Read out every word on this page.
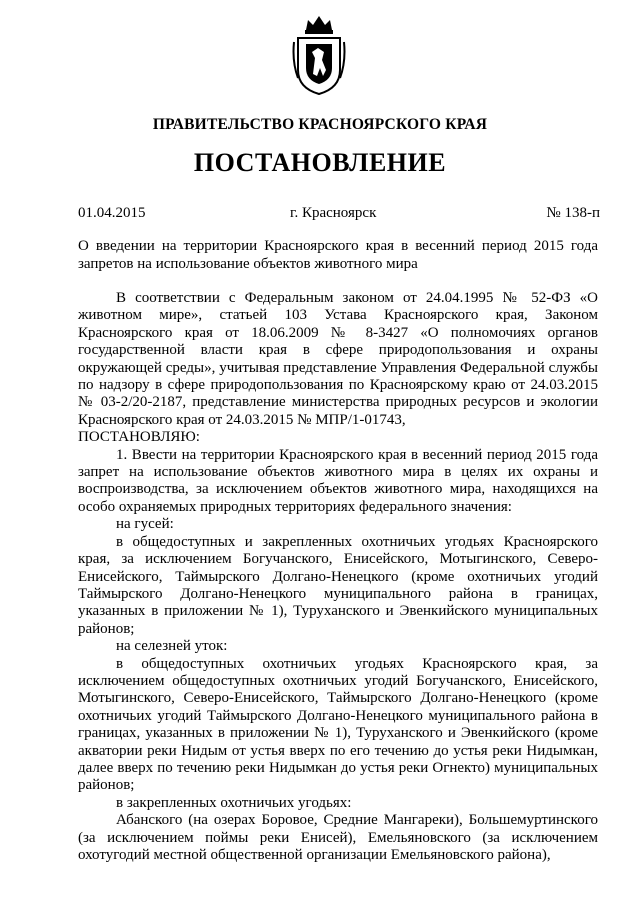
ПРАВИТЕЛЬСТВО КРАСНОЯРСКОГО КРАЯ
ПОСТАНОВЛЕНИЕ
01.04.2015	г. Красноярск	№ 138-п
О введении на территории Красноярского края в весенний период 2015 года запретов на использование объектов животного мира

В соответствии с Федеральным законом от 24.04.1995 № 52-ФЗ «О животном мире», статьей 103 Устава Красноярского края, Законом Красноярского края от 18.06.2009 № 8-3427 «О полномочиях органов государственной власти края в сфере природопользования и охраны окружающей среды», учитывая представление Управления Федеральной службы по надзору в сфере природопользования по Красноярскому краю от 24.03.2015 № 03-2/20-2187, представление министерства природных ресурсов и экологии Красноярского края от 24.03.2015 № МПР/1-01743,

ПОСТАНОВЛЯЮ:

1. Ввести на территории Красноярского края в весенний период 2015 года запрет на использование объектов животного мира в целях их охраны и воспроизводства, за исключением объектов животного мира, находящихся на особо охраняемых природных территориях федерального значения:

на гусей:

в общедоступных и закрепленных охотничьих угодьях Красноярского края, за исключением Богучанского, Енисейского, Мотыгинского, Северо-Енисейского, Таймырского Долгано-Ненецкого (кроме охотничьих угодий Таймырского Долгано-Ненецкого муниципального района в границах, указанных в приложении № 1), Туруханского и Эвенкийского муниципальных районов;

на селезней уток:

в общедоступных охотничьих угодьях Красноярского края, за исключением общедоступных охотничьих угодий Богучанского, Енисейского, Мотыгинского, Северо-Енисейского, Таймырского Долгано-Ненецкого (кроме охотничьих угодий Таймырского Долгано-Ненецкого муниципального района в границах, указанных в приложении № 1), Туруханского и Эвенкийского (кроме акватории реки Нидым от устья вверх по его течению до устья реки Нидымкан, далее вверх по течению реки Нидымкан до устья реки Огнекто) муниципальных районов;

в закрепленных охотничьих угодьях:

Абанского (на озерах Боровое, Средние Мангареки), Большемуртинского (за исключением поймы реки Енисей), Емельяновского (за исключением охотугодий местной общественной организации Емельяновского района),
